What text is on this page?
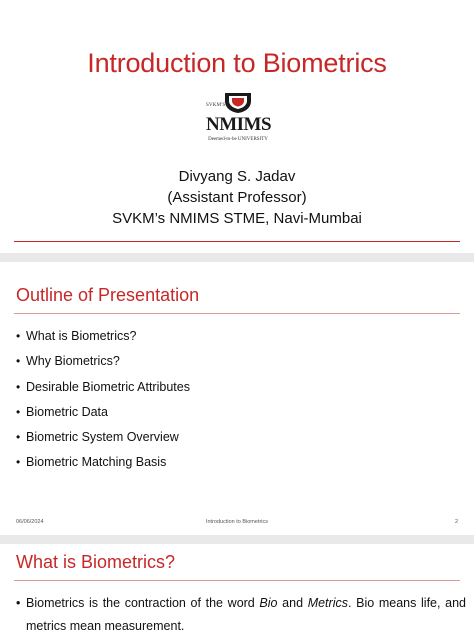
Introduction to Biometrics
SVKM'S
NMIMS
Deemed-to-be UNIVERSITY
Divyang S. Jadav
(Assistant Professor)
SVKM’s NMIMS STME, Navi-Mumbai
Outline of Presentation
• What is Biometrics?
• Why Biometrics?
• Desirable Biometric Attributes
• Biometric Data
• Biometric System Overview
• Biometric Matching Basis
06/06/2024	Introduction to Biometrics	2
What is Biometrics?
• Biometrics is the contraction of the word Bio and Metrics. Bio means life, and metrics mean measurement.
